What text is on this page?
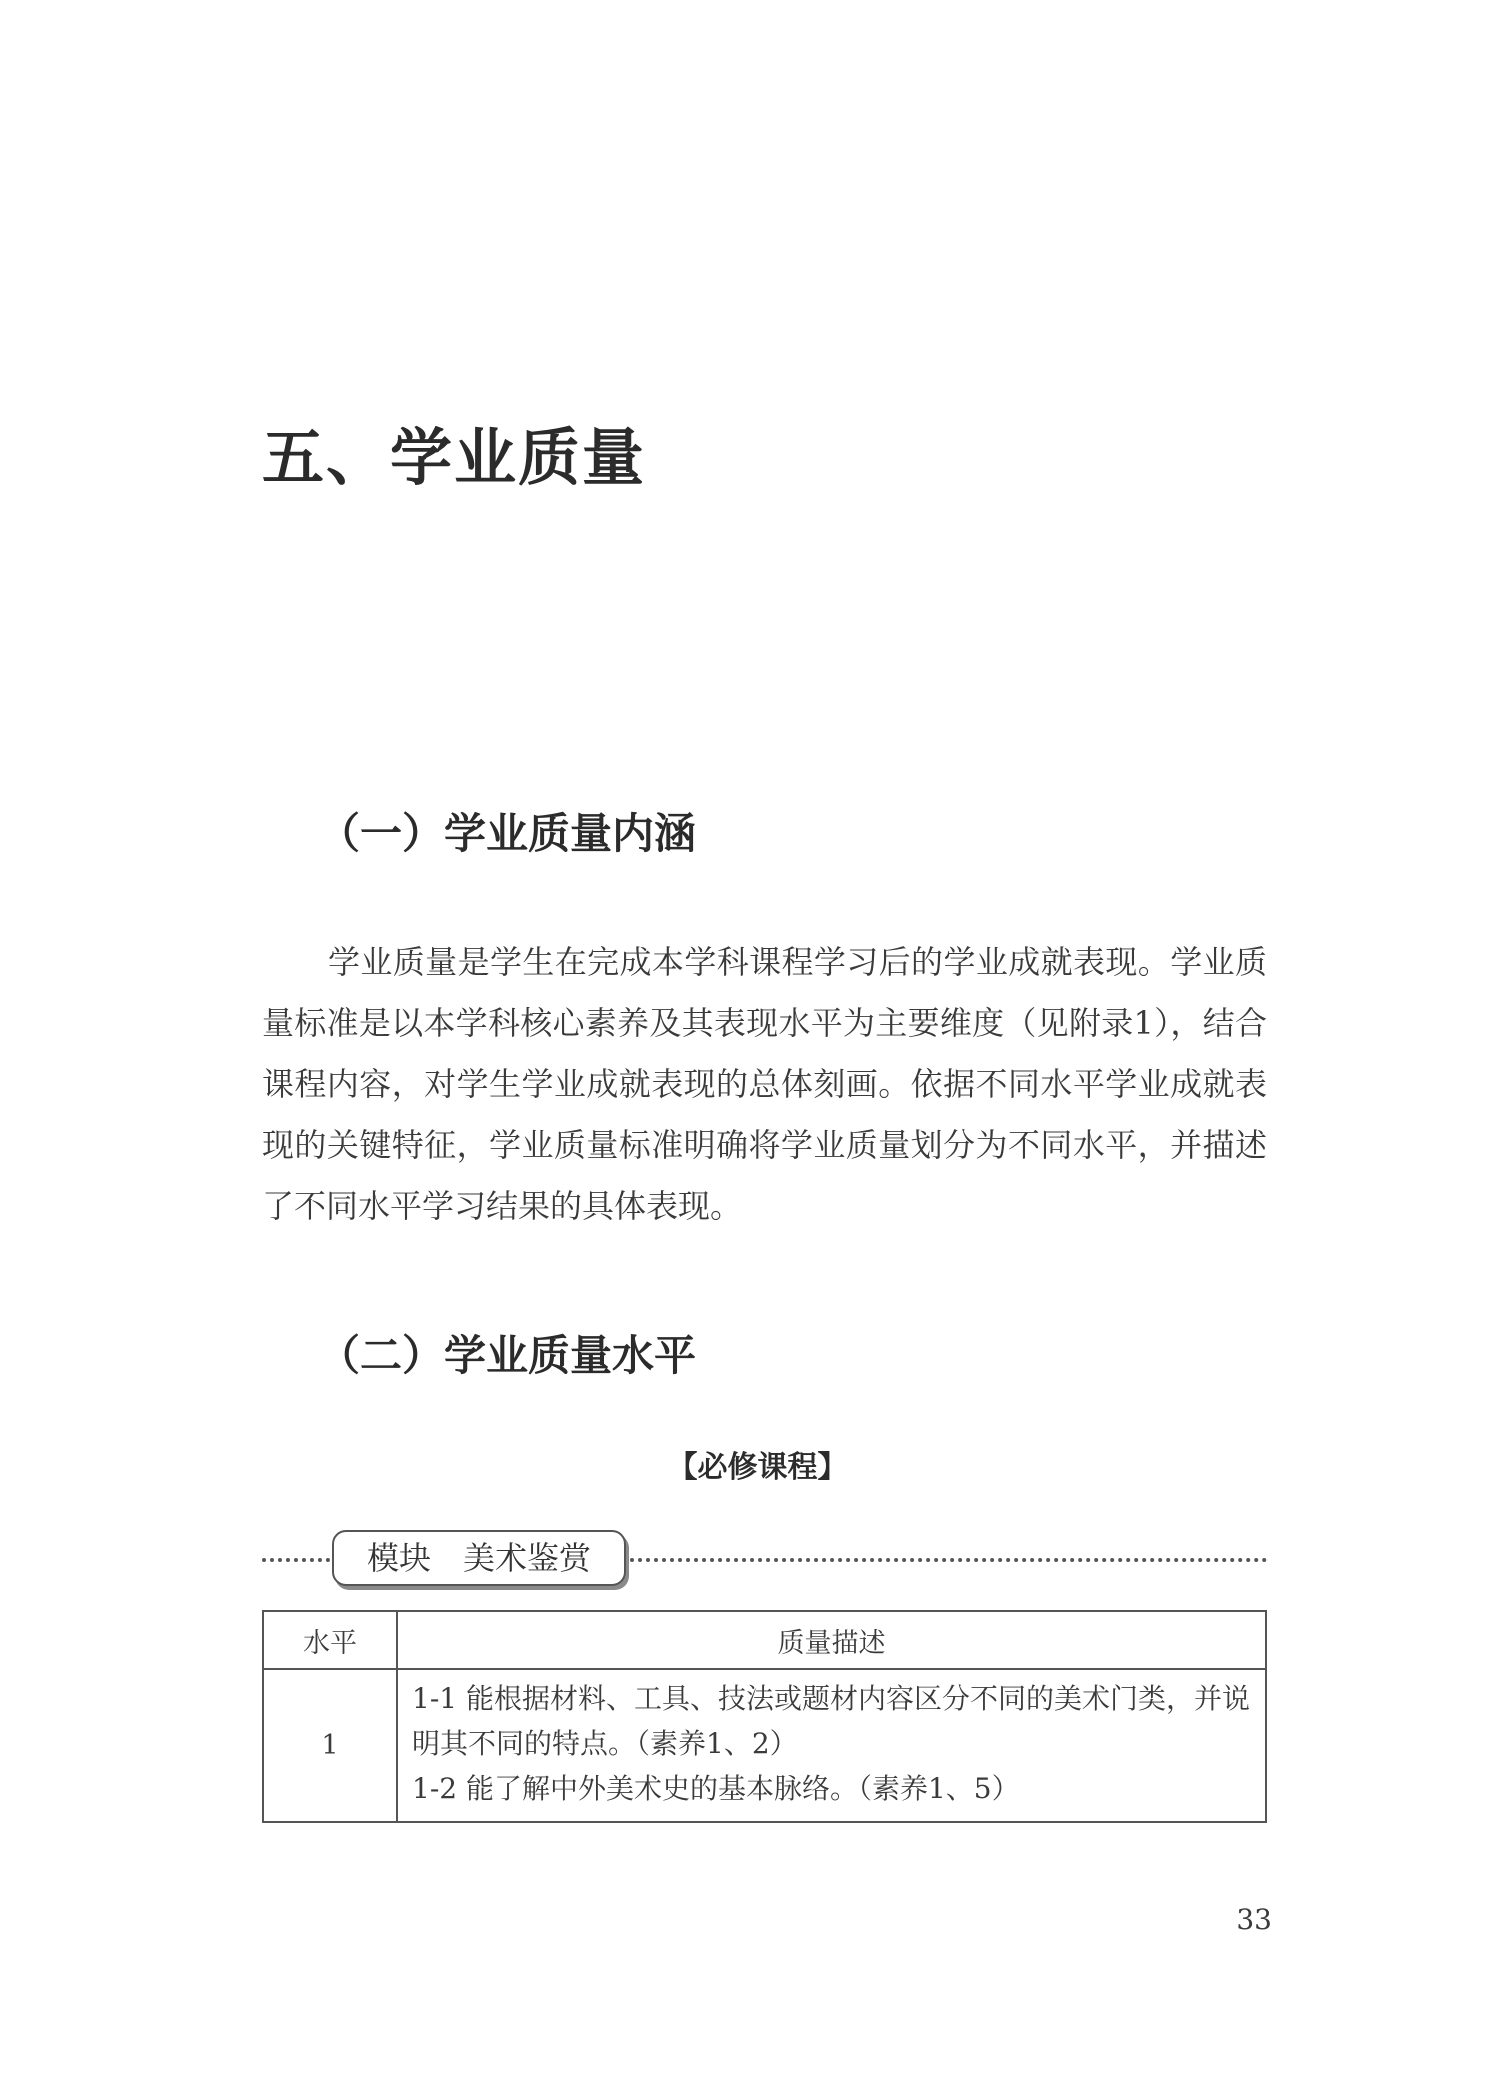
五、学业质量
（一）学业质量内涵

学业质量是学生在完成本学科课程学习后的学业成就表现。学业质量标准是以本学科核心素养及其表现水平为主要维度（见附录1），结合课程内容，对学生学业成就表现的总体刻画。依据不同水平学业成就表现的关键特征，学业质量标准明确将学业质量划分为不同水平，并描述了不同水平学习结果的具体表现。

（二）学业质量水平
【必修课程】
模块　美术鉴赏
水平	质量描述
1	1-1 能根据材料、工具、技法或题材内容区分不同的美术门类，并说
明其不同的特点。（素养1、2）
1-2 能了解中外美术史的基本脉络。（素养1、5）
33
